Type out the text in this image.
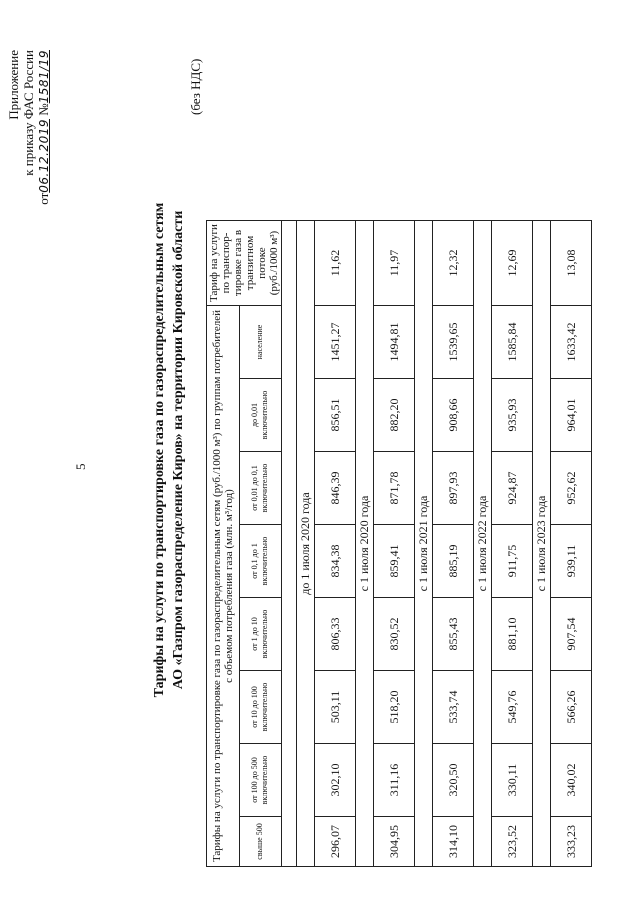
5
Приложение к приказу ФАС России
от06.12.2019 №1581/19
Тарифы на услуги по транспортировке газа по газораспределительным сетям АО «Газпром газораспределение Киров» на территории Кировской области
(без НДС)
Тарифы на услуги по транспортировке газа по газораспределительным сетям (руб./1000 м³) по группам потребителей с объемом потребления газа (млн. м³/год)								Тариф на услуги по транспор-тировке газа в транзитном потоке (руб./1000 м³)
свыше 500	от 100 до 500 включительно	от 10 до 100 включительно	от 1 до 10 включительно	от 0,1 до 1 включительно	от 0,01 до 0,1 включительно	до 0,01 включительно	население	

до 1 июля 2020 года								
296,07	302,10	503,11	806,33	834,38	846,39	856,51	1451,27	11,62
с 1 июля 2020 года								
304,95	311,16	518,20	830,52	859,41	871,78	882,20	1494,81	11,97
с 1 июля 2021 года								
314,10	320,50	533,74	855,43	885,19	897,93	908,66	1539,65	12,32
с 1 июля 2022 года								
323,52	330,11	549,76	881,10	911,75	924,87	935,93	1585,84	12,69
с 1 июля 2023 года								
333,23	340,02	566,26	907,54	939,11	952,62	964,01	1633,42	13,08
